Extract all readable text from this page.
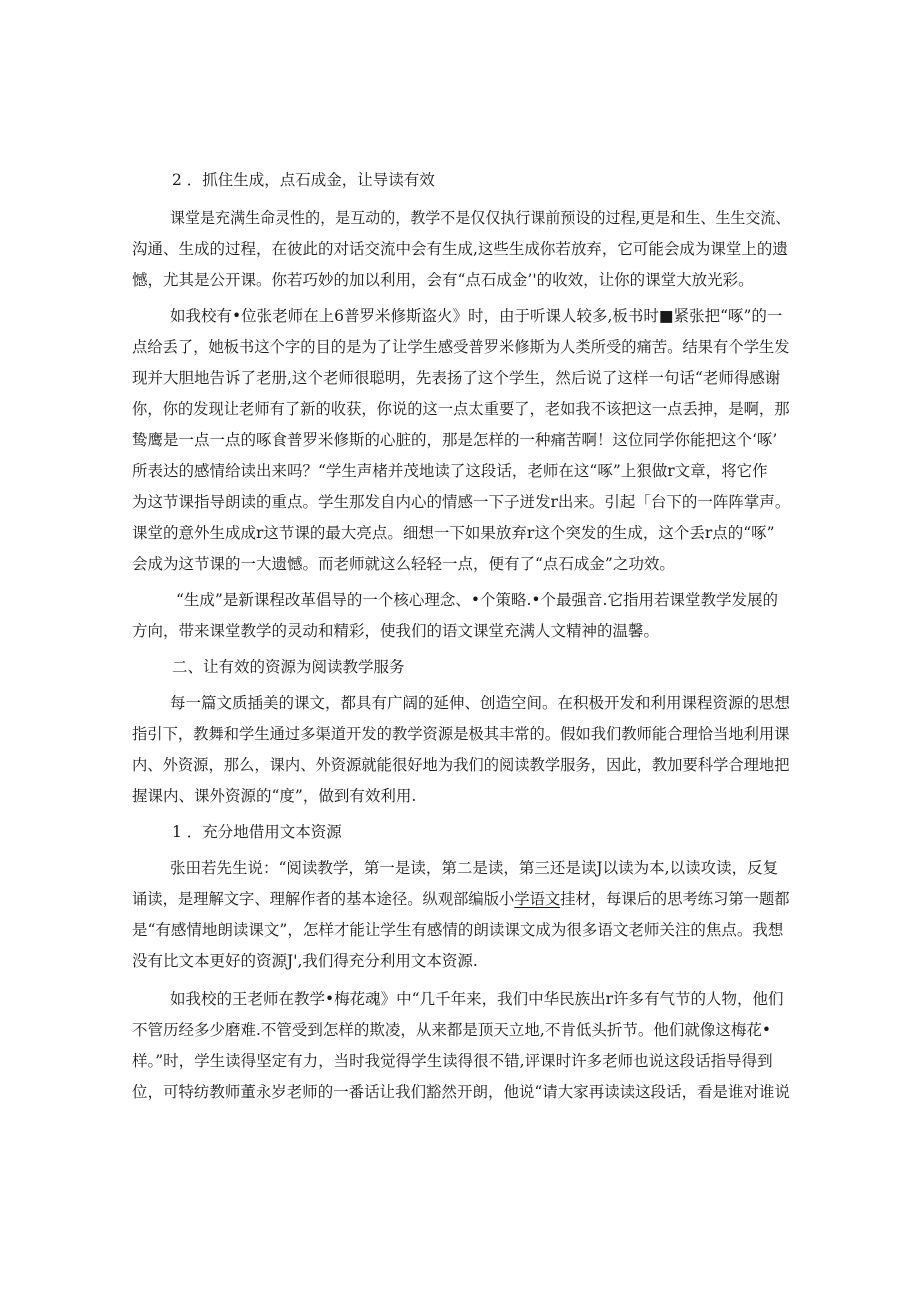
2 ．抓住生成，点石成金，让导读有效
课堂是充满生命灵性的，是互动的，教学不是仅仅执行课前预设的过程,更是和生、生生交流、
沟通、生成的过程，在彼此的对话交流中会有生成,这些生成你若放弃，它可能会成为课堂上的遗
憾，尤其是公开课。你若巧妙的加以利用，会有“点石成金’'的收效，让你的课堂大放光彩。
如我校有•位张老师在上6普罗米修斯盗火》时，由于听课人较多,板书时■紧张把“啄”的一
点给丢了，她板书这个字的目的是为了让学生感受普罗米修斯为人类所受的痛苦。结果有个学生发
现并大胆地告诉了老册,这个老师很聪明，先表扬了这个学生，然后说了这样一句话“老师得感谢
你，你的发现让老师有了新的收获，你说的这一点太重要了，老如我不该把这一点丢抻，是啊，那
鸷鹰是一点一点的啄食普罗米修斯的心脏的，那是怎样的一种痛苦啊！这位同学你能把这个‘啄’
所表达的感情给读出来吗？“学生声楮并茂地读了这段话，老师在这“啄”上狠做r文章，将它作
为这节课指导朗读的重点。学生那发自内心的情感一下子迸发r出来。引起「台下的一阵阵掌声。
课堂的意外生成成r这节课的最大亮点。细想一下如果放弃r这个突发的生成，这个丢r点的“啄”
会成为这节课的一大遗憾。而老师就这么轻轻一点，便有了“点石成金”之功效。
“生成”是新课程改革倡导的一个核心理念、•个策略.•个最强音.它指用若课堂教学发展的
方向，带来课堂教学的灵动和精彩，使我们的语文课堂充满人文精神的温馨。
二、让有效的资源为阅读教学服务
每一篇文质插美的课文，都具有广阔的延伸、创造空间。在积极开发和利用课程资源的思想
指引下，教舞和学生通过多渠道开发的教学资源是极其丰常的。假如我们教师能合理恰当地利用课
内、外资源，那么，课内、外资源就能很好地为我们的阅读教学服务，因此，教加要科学合理地把
握课内、课外资源的“度”，做到有效利用.
1 ．充分地借用文本资源
张田若先生说：“阅读教学，第一是读，第二是读，第三还是读J以读为本,以读攻读，反复
诵读，是理解文字、理解作者的基本途径。纵观部编版小学语文挂材，每课后的思考练习第一题都
是“有感情地朗读课文”，怎样才能让学生有感情的朗读课文成为很多语文老师关注的焦点。我想
没有比文本更好的资源J',我们得充分利用文本资源.
如我校的王老师在教学•梅花魂》中“几千年来，我们中华民族出r许多有气节的人物，他们
不管历经多少磨难.不管受到怎样的欺凌，从来都是顶天立地,不肯低头折节。他们就像这梅花•
样。”时，学生读得坚定有力，当时我觉得学生读得很不错,评课时许多老师也说这段话指导得到
位，可特纺教师董永岁老师的一番话让我们豁然开朗，他说“请大家再读读这段话，看是谁对谁说
